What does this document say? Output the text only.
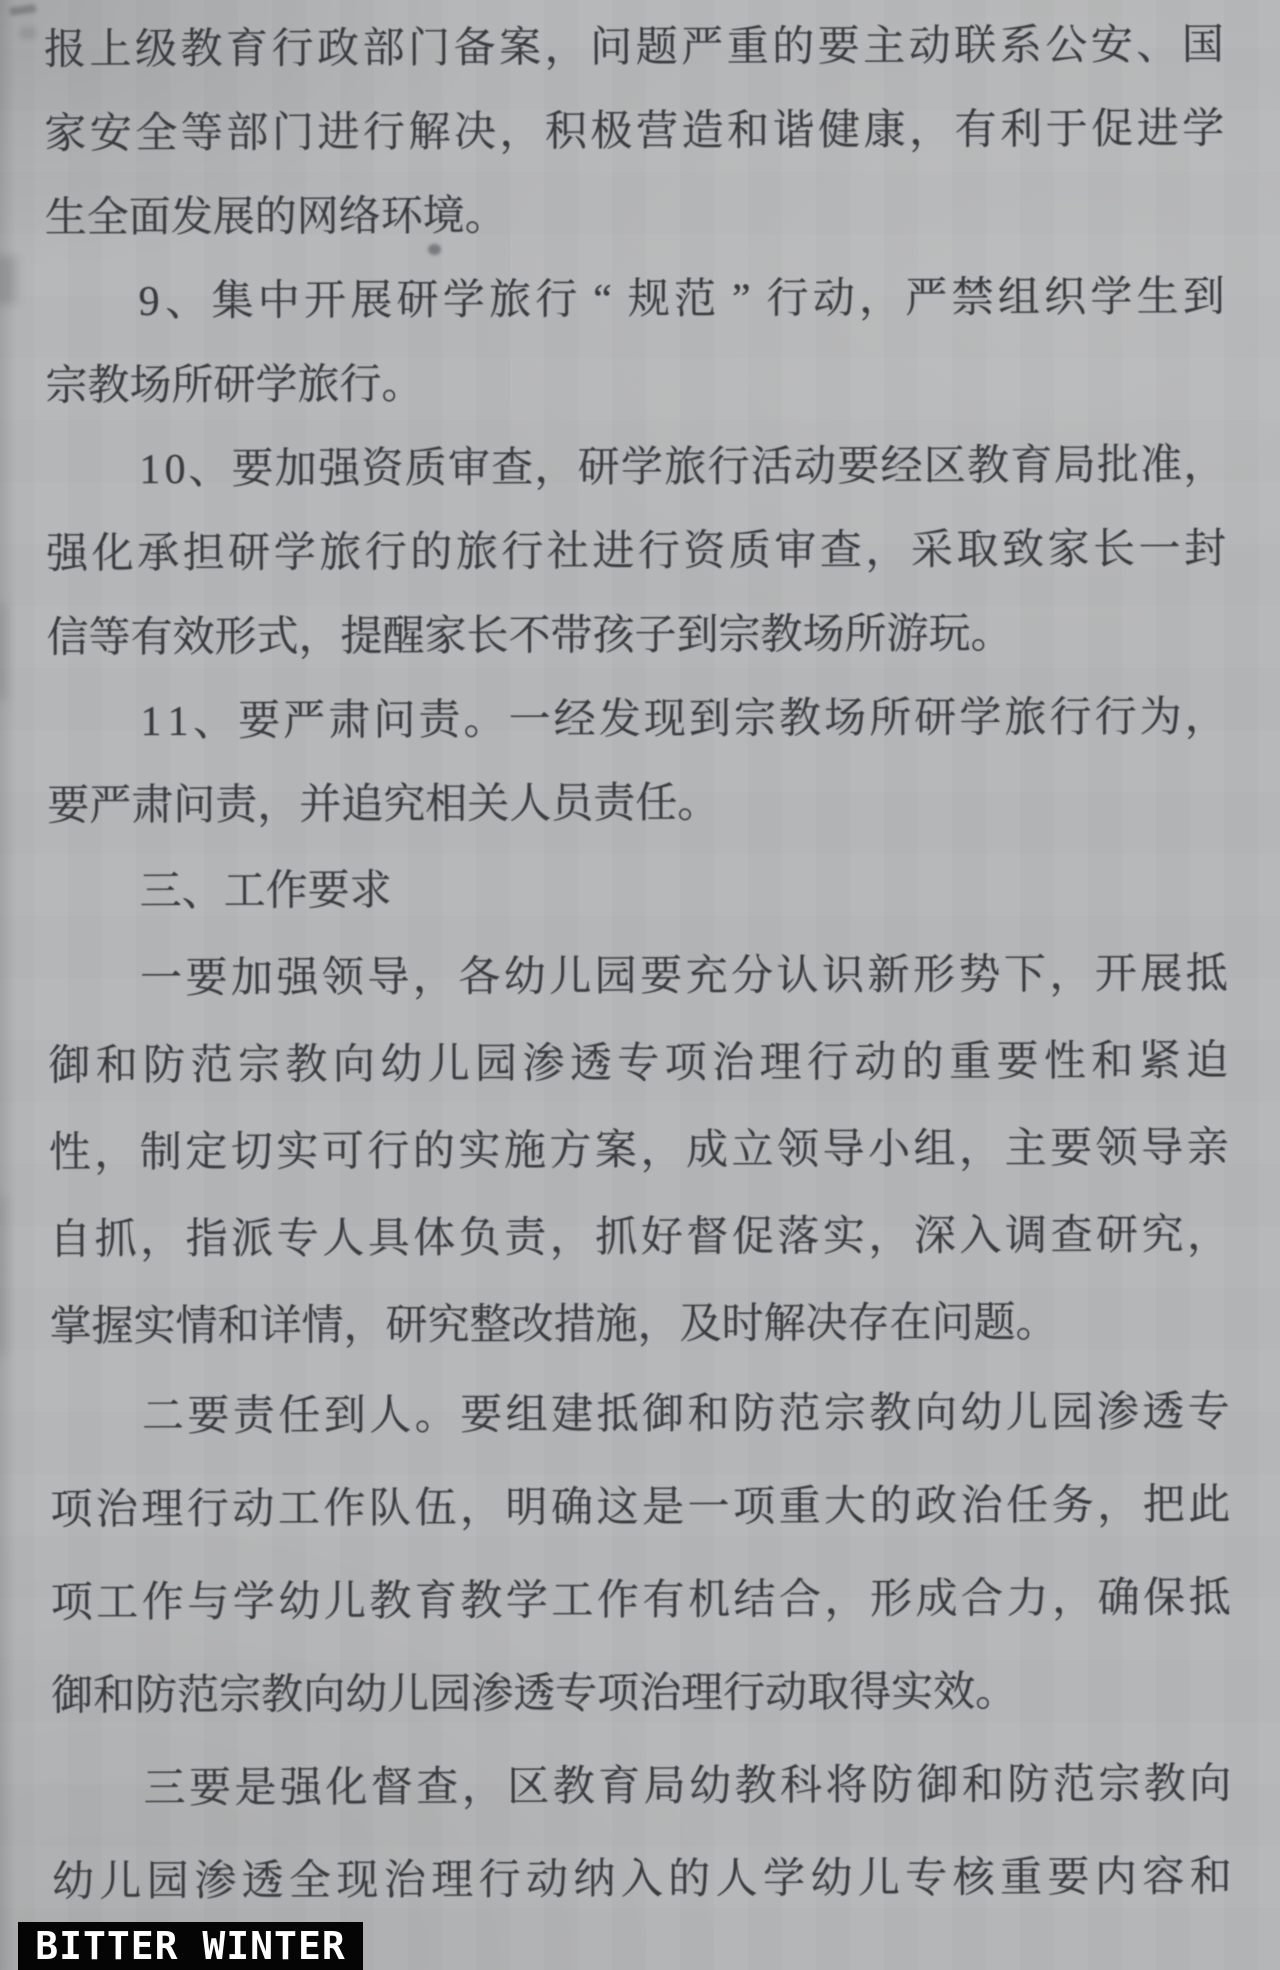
报 上 级 教 育 行 政 部 门 备 案 ， 问 题 严 重 的 要 主 动 联 系 公 安 、 国
家 安 全 等 部 门 进 行 解 决 ， 积 极 营 造 和 谐 健 康 ， 有 利 于 促 进 学
生 全 面 发 展 的 网 络 环 境 。
9 、 集 中 开 展 研 学 旅 行 “ 规 范 ” 行 动 ， 严 禁 组 织 学 生 到
宗 教 场 所 研 学 旅 行 。
1 0 、 要 加 强 资 质 审 查 ， 研 学 旅 行 活 动 要 经 区 教 育 局 批 准 ，
强 化 承 担 研 学 旅 行 的 旅 行 社 进 行 资 质 审 查 ， 采 取 致 家 长 一 封
信 等 有 效 形 式 ， 提 醒 家 长 不 带 孩 子 到 宗 教 场 所 游 玩 。
1 1 、 要 严 肃 问 责 。 一 经 发 现 到 宗 教 场 所 研 学 旅 行 行 为 ，
要 严 肃 问 责 ， 并 追 究 相 关 人 员 责 任 。
三 、 工 作 要 求
一 要 加 强 领 导 ， 各 幼 儿 园 要 充 分 认 识 新 形 势 下 ， 开 展 抵
御 和 防 范 宗 教 向 幼 儿 园 渗 透 专 项 治 理 行 动 的 重 要 性 和 紧 迫
性 ， 制 定 切 实 可 行 的 实 施 方 案 ， 成 立 领 导 小 组 ， 主 要 领 导 亲
自 抓 ， 指 派 专 人 具 体 负 责 ， 抓 好 督 促 落 实 ， 深 入 调 查 研 究 ，
掌 握 实 情 和 详 情 ， 研 究 整 改 措 施 ， 及 时 解 决 存 在 问 题 。
二 要 责 任 到 人 。 要 组 建 抵 御 和 防 范 宗 教 向 幼 儿 园 渗 透 专
项 治 理 行 动 工 作 队 伍 ， 明 确 这 是 一 项 重 大 的 政 治 任 务 ， 把 此
项 工 作 与 学 幼 儿 教 育 教 学 工 作 有 机 结 合 ， 形 成 合 力 ， 确 保 抵
御 和 防 范 宗 教 向 幼 儿 园 渗 透 专 项 治 理 行 动 取 得 实 效 。
三 要 是 强 化 督 查 ， 区 教 育 局 幼 教 科 将 防 御 和 防 范 宗 教 向
幼 儿 园 渗 透 全 现 治 理 行 动 纳 入 的 人 学 幼 儿 专 核 重 要 内 容 和
BITTER WINTER
